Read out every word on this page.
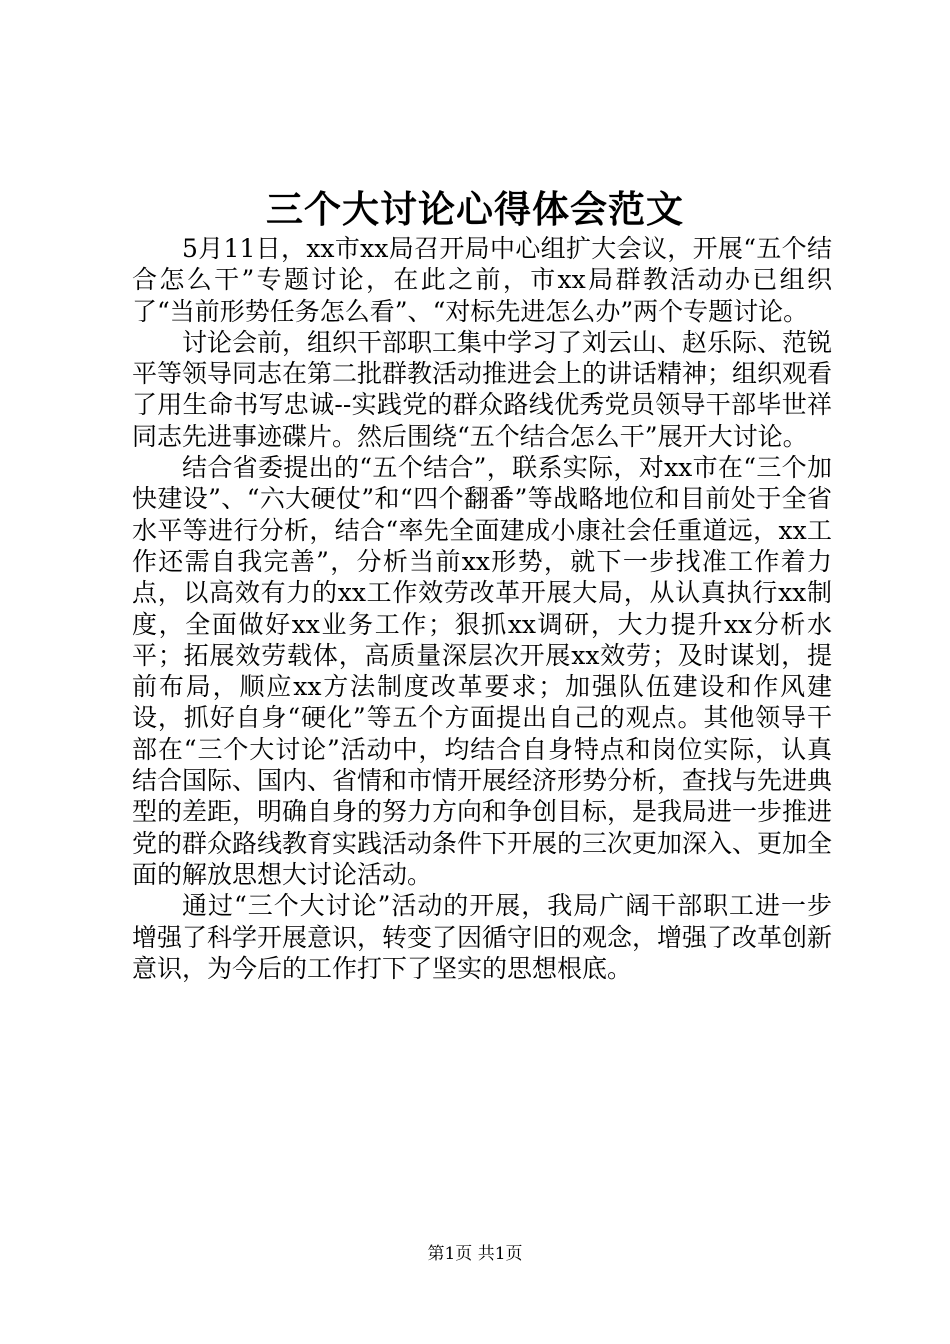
三个大讨论心得体会范文

5月11日，xx市xx局召开局中心组扩大会议，开展“五个结合怎么干”专题讨论，在此之前，市xx局群教活动办已组织了“当前形势任务怎么看”、“对标先进怎么办”两个专题讨论。

讨论会前，组织干部职工集中学习了刘云山、赵乐际、范锐平等领导同志在第二批群教活动推进会上的讲话精神；组织观看了用生命书写忠诚--实践党的群众路线优秀党员领导干部毕世祥同志先进事迹碟片。然后围绕“五个结合怎么干”展开大讨论。

结合省委提出的“五个结合”，联系实际，对xx市在“三个加快建设”、“六大硬仗”和“四个翻番”等战略地位和目前处于全省水平等进行分析，结合“率先全面建成小康社会任重道远，xx工作还需自我完善”，分析当前xx形势，就下一步找准工作着力点，以高效有力的xx工作效劳改革开展大局，从认真执行xx制度，全面做好xx业务工作；狠抓xx调研，大力提升xx分析水平；拓展效劳载体，高质量深层次开展xx效劳；及时谋划，提前布局，顺应xx方法制度改革要求；加强队伍建设和作风建设，抓好自身“硬化”等五个方面提出自己的观点。其他领导干部在“三个大讨论”活动中，均结合自身特点和岗位实际，认真结合国际、国内、省情和市情开展经济形势分析，查找与先进典型的差距，明确自身的努力方向和争创目标，是我局进一步推进党的群众路线教育实践活动条件下开展的三次更加深入、更加全面的解放思想大讨论活动。

通过“三个大讨论”活动的开展，我局广阔干部职工进一步增强了科学开展意识，转变了因循守旧的观念，增强了改革创新意识，为今后的工作打下了坚实的思想根底。

第1页 共1页
